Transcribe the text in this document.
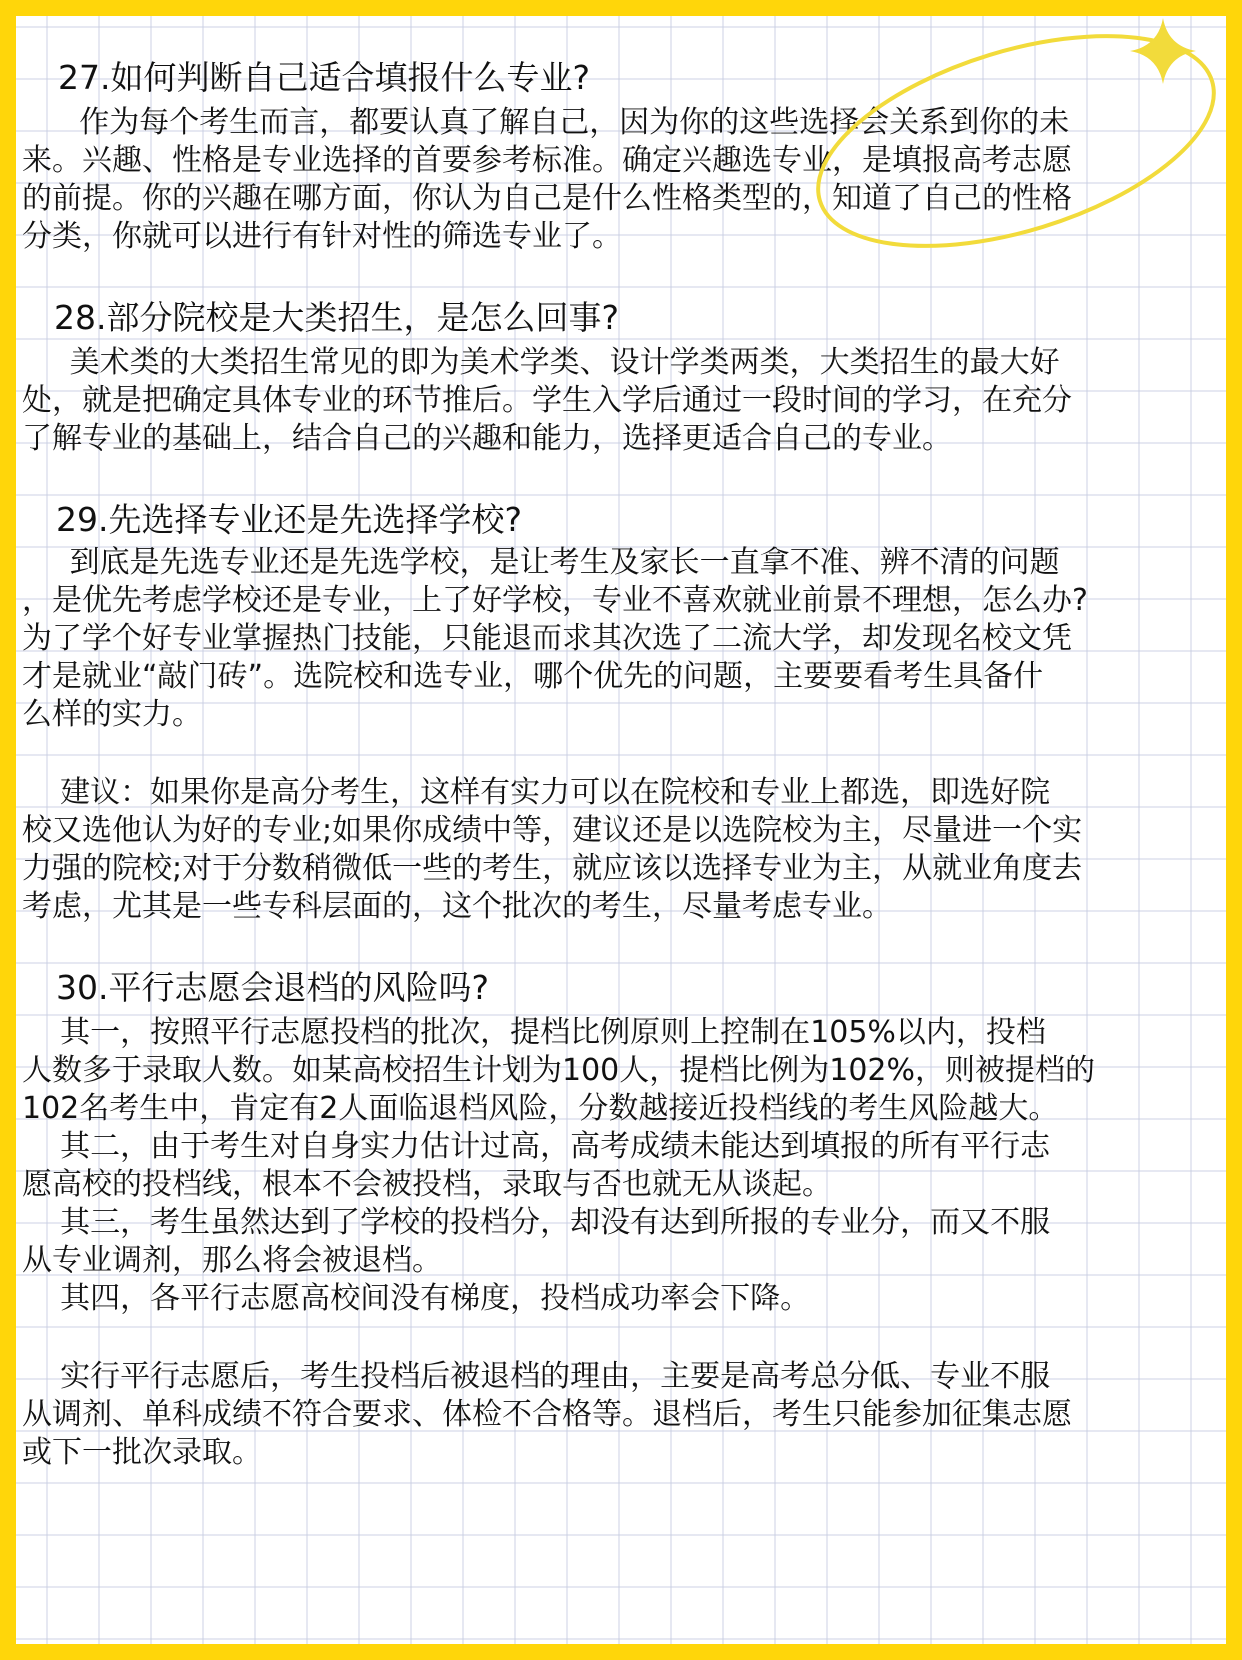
27.如何判断自己适合填报什么专业?

作为每个考生而言，都要认真了解自己，因为你的这些选择会关系到你的未
来。兴趣、性格是专业选择的首要参考标准。确定兴趣选专业，是填报高考志愿
的前提。你的兴趣在哪方面，你认为自己是什么性格类型的，知道了自己的性格
分类，你就可以进行有针对性的筛选专业了。

28.部分院校是大类招生，是怎么回事?

美术类的大类招生常见的即为美术学类、设计学类两类，大类招生的最大好
处，就是把确定具体专业的环节推后。学生入学后通过一段时间的学习，在充分
了解专业的基础上，结合自己的兴趣和能力，选择更适合自己的专业。

29.先选择专业还是先选择学校?

到底是先选专业还是先选学校，是让考生及家长一直拿不准、辨不清的问题
，是优先考虑学校还是专业，上了好学校，专业不喜欢就业前景不理想，怎么办?
为了学个好专业掌握热门技能，只能退而求其次选了二流大学，却发现名校文凭
才是就业“敲门砖”。选院校和选专业，哪个优先的问题，主要要看考生具备什
么样的实力。

建议：如果你是高分考生，这样有实力可以在院校和专业上都选，即选好院
校又选他认为好的专业;如果你成绩中等，建议还是以选院校为主，尽量进一个实
力强的院校;对于分数稍微低一些的考生，就应该以选择专业为主，从就业角度去
考虑，尤其是一些专科层面的，这个批次的考生，尽量考虑专业。

30.平行志愿会退档的风险吗?

其一，按照平行志愿投档的批次，提档比例原则上控制在105%以内，投档
人数多于录取人数。如某高校招生计划为100人，提档比例为102%，则被提档的
102名考生中，肯定有2人面临退档风险，分数越接近投档线的考生风险越大。
其二，由于考生对自身实力估计过高，高考成绩未能达到填报的所有平行志
愿高校的投档线，根本不会被投档，录取与否也就无从谈起。
其三，考生虽然达到了学校的投档分，却没有达到所报的专业分，而又不服
从专业调剂，那么将会被退档。
其四，各平行志愿高校间没有梯度，投档成功率会下降。

实行平行志愿后，考生投档后被退档的理由，主要是高考总分低、专业不服
从调剂、单科成绩不符合要求、体检不合格等。退档后，考生只能参加征集志愿
或下一批次录取。
